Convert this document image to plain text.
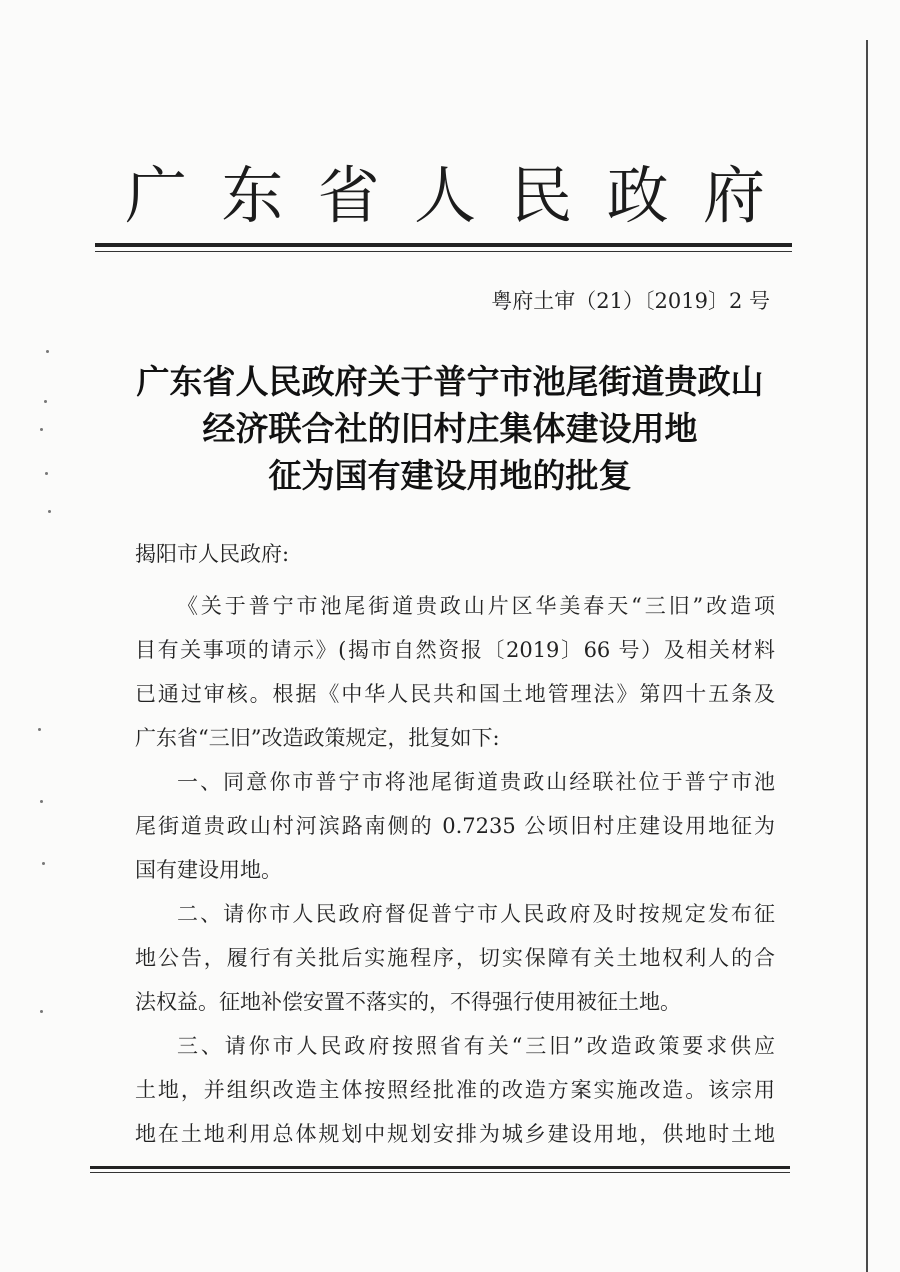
广 东 省 人 民 政 府
粤府土审（21）〔2019〕2 号
广东省人民政府关于普宁市池尾街道贵政山
经济联合社的旧村庄集体建设用地
征为国有建设用地的批复
揭阳市人民政府:
《关于普宁市池尾街道贵政山片区华美春天“三旧”改造项
目有关事项的请示》(揭市自然资报〔2019〕66 号）及相关材料
已通过审核。根据《中华人民共和国土地管理法》第四十五条及
广东省“三旧”改造政策规定，批复如下:
一、同意你市普宁市将池尾街道贵政山经联社位于普宁市池
尾街道贵政山村河滨路南侧的 0.7235 公顷旧村庄建设用地征为
国有建设用地。
二、请你市人民政府督促普宁市人民政府及时按规定发布征
地公告，履行有关批后实施程序，切实保障有关土地权利人的合
法权益。征地补偿安置不落实的，不得强行使用被征土地。
三、请你市人民政府按照省有关“三旧”改造政策要求供应
土地，并组织改造主体按照经批准的改造方案实施改造。该宗用
地在土地利用总体规划中规划安排为城乡建设用地，供地时土地
